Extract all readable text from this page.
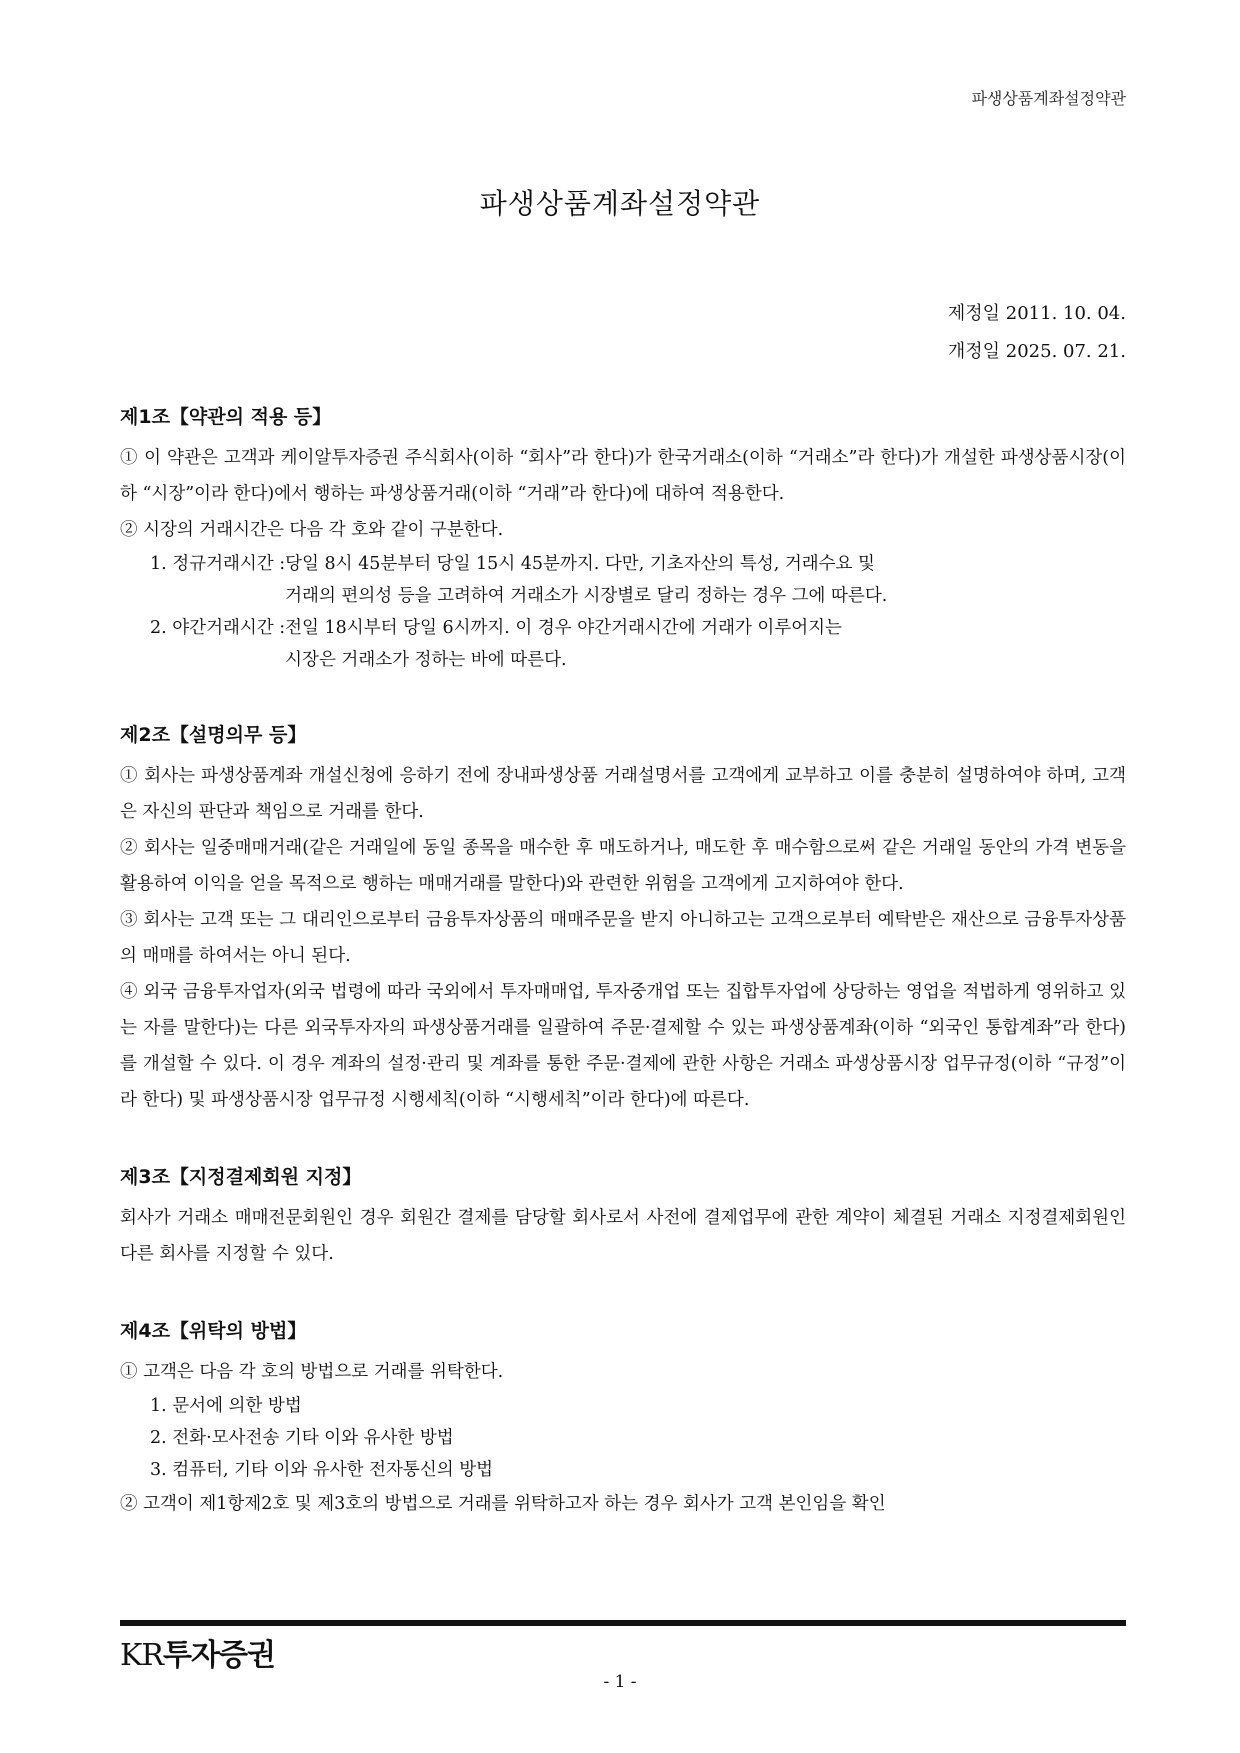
파생상품계좌설정약관
파생상품계좌설정약관
제정일 2011. 10. 04.
개정일 2025. 07. 21.
제1조【약관의 적용 등】

① 이 약관은 고객과 케이알투자증권 주식회사(이하 “회사”라 한다)가 한국거래소(이하 “거래소”라 한다)가 개설한 파생상품시장(이하 “시장”이라 한다)에서 행하는 파생상품거래(이하 “거래”라 한다)에 대하여 적용한다.

② 시장의 거래시간은 다음 각 호와 같이 구분한다.

1. 정규거래시간 : 당일 8시 45분부터 당일 15시 45분까지. 다만, 기초자산의 특성, 거래수요 및
거래의 편의성 등을 고려하여 거래소가 시장별로 달리 정하는 경우 그에 따른다.
2. 야간거래시간 : 전일 18시부터 당일 6시까지. 이 경우 야간거래시간에 거래가 이루어지는
시장은 거래소가 정하는 바에 따른다.
제2조【설명의무 등】

① 회사는 파생상품계좌 개설신청에 응하기 전에 장내파생상품 거래설명서를 고객에게 교부하고 이를 충분히 설명하여야 하며, 고객은 자신의 판단과 책임으로 거래를 한다.

② 회사는 일중매매거래(같은 거래일에 동일 종목을 매수한 후 매도하거나, 매도한 후 매수함으로써 같은 거래일 동안의 가격 변동을 활용하여 이익을 얻을 목적으로 행하는 매매거래를 말한다)와 관련한 위험을 고객에게 고지하여야 한다.

③ 회사는 고객 또는 그 대리인으로부터 금융투자상품의 매매주문을 받지 아니하고는 고객으로부터 예탁받은 재산으로 금융투자상품의 매매를 하여서는 아니 된다.

④ 외국 금융투자업자(외국 법령에 따라 국외에서 투자매매업, 투자중개업 또는 집합투자업에 상당하는 영업을 적법하게 영위하고 있는 자를 말한다)는 다른 외국투자자의 파생상품거래를 일괄하여 주문·결제할 수 있는 파생상품계좌(이하 “외국인 통합계좌”라 한다)를 개설할 수 있다. 이 경우 계좌의 설정·관리 및 계좌를 통한 주문·결제에 관한 사항은 거래소 파생상품시장 업무규정(이하 “규정”이라 한다) 및 파생상품시장 업무규정 시행세칙(이하 “시행세칙”이라 한다)에 따른다.

제3조【지정결제회원 지정】

회사가 거래소 매매전문회원인 경우 회원간 결제를 담당할 회사로서 사전에 결제업무에 관한 계약이 체결된 거래소 지정결제회원인 다른 회사를 지정할 수 있다.

제4조【위탁의 방법】

① 고객은 다음 각 호의 방법으로 거래를 위탁한다.

1. 문서에 의한 방법
2. 전화·모사전송 기타 이와 유사한 방법
3. 컴퓨터, 기타 이와 유사한 전자통신의 방법

② 고객이 제1항제2호 및 제3호의 방법으로 거래를 위탁하고자 하는 경우 회사가 고객 본인임을 확인

KR투자증권
- 1 -
